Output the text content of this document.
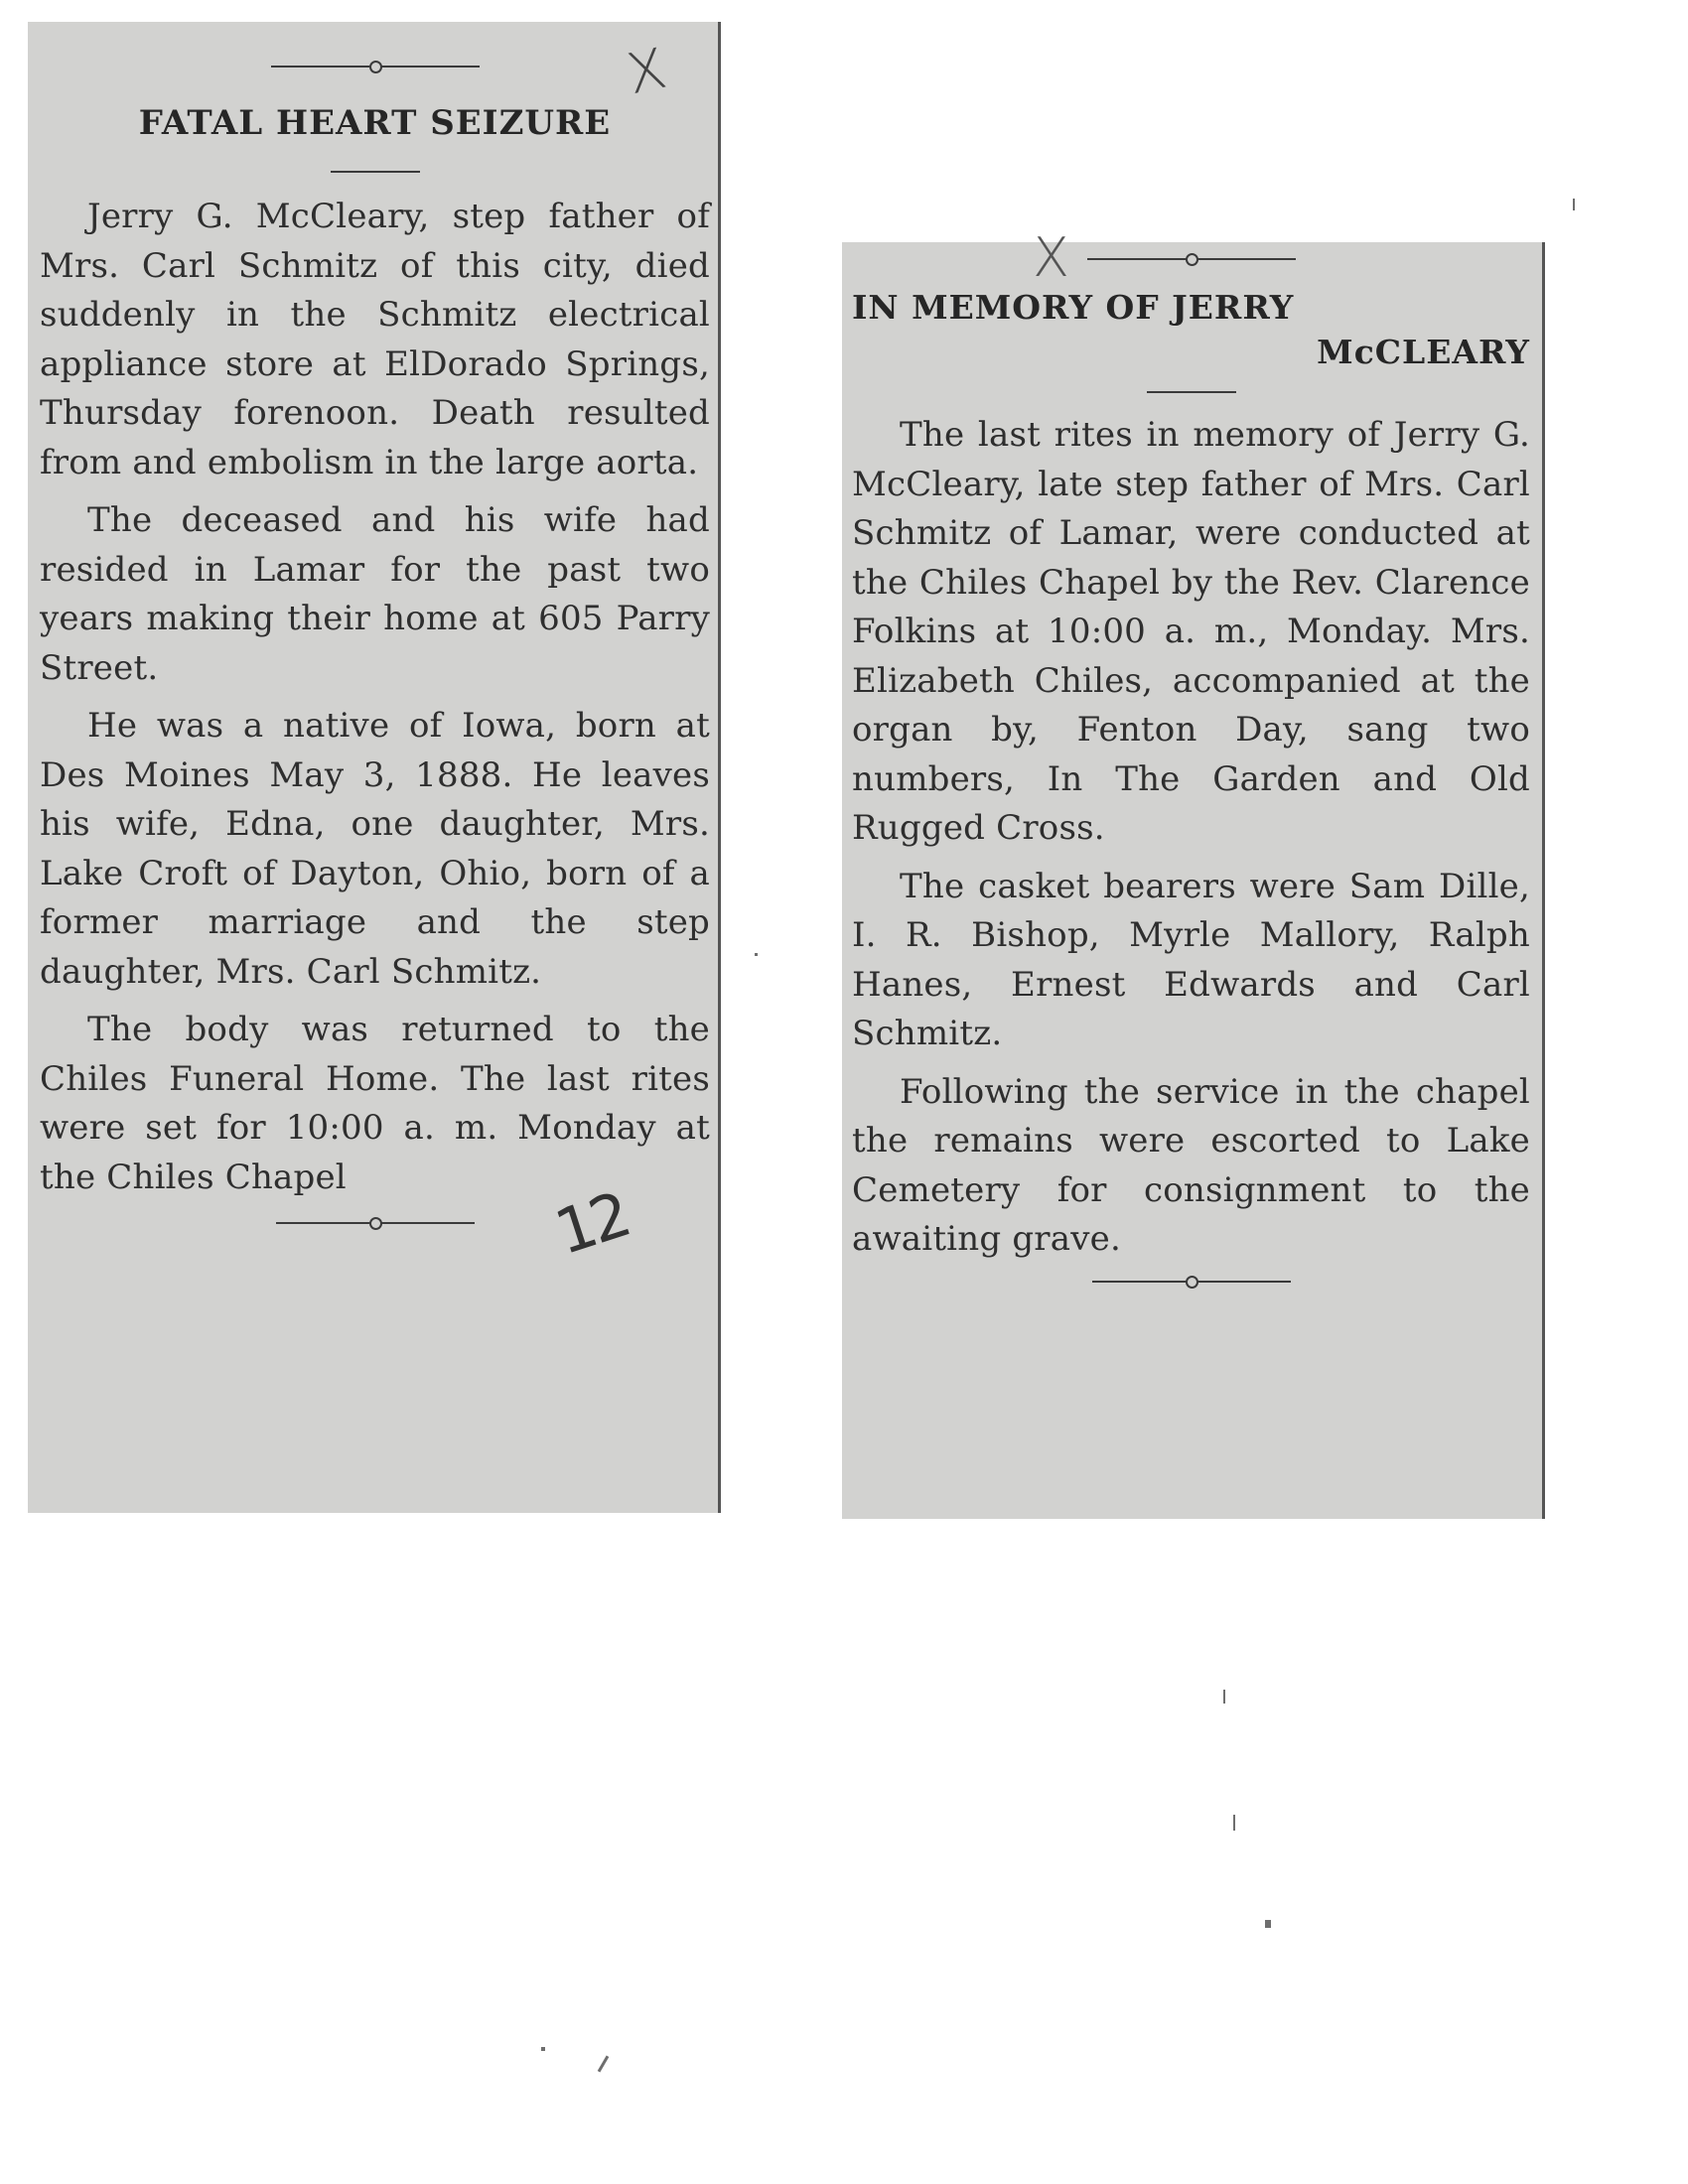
FATAL HEART SEIZURE

Jerry G. McCleary, step father of Mrs. Carl Schmitz of this city, died suddenly in the Schmitz electrical appliance store at ElDorado Springs, Thursday forenoon. Death resulted from and embolism in the large aorta.

The deceased and his wife had resided in Lamar for the past two years making their home at 605 Parry Street.

He was a native of Iowa, born at Des Moines May 3, 1888. He leaves his wife, Edna, one daughter, Mrs. Lake Croft of Dayton, Ohio, born of a former marriage and the step daughter, Mrs. Carl Schmitz.

The body was returned to the Chiles Funeral Home. The last rites were set for 10:00 a. m. Monday at the Chiles Chapel

IN MEMORY OF JERRY
McCLEARY

The last rites in memory of Jerry G. McCleary, late step father of Mrs. Carl Schmitz of Lamar, were conducted at the Chiles Chapel by the Rev. Clarence Folkins at 10:00 a. m., Monday. Mrs. Elizabeth Chiles, accompanied at the organ by, Fenton Day, sang two numbers, In The Garden and Old Rugged Cross.

The casket bearers were Sam Dille, I. R. Bishop, Myrle Mallory, Ralph Hanes, Ernest Edwards and Carl Schmitz.

Following the service in the chapel the remains were escorted to Lake Cemetery for consignment to the awaiting grave.

X
X
12
